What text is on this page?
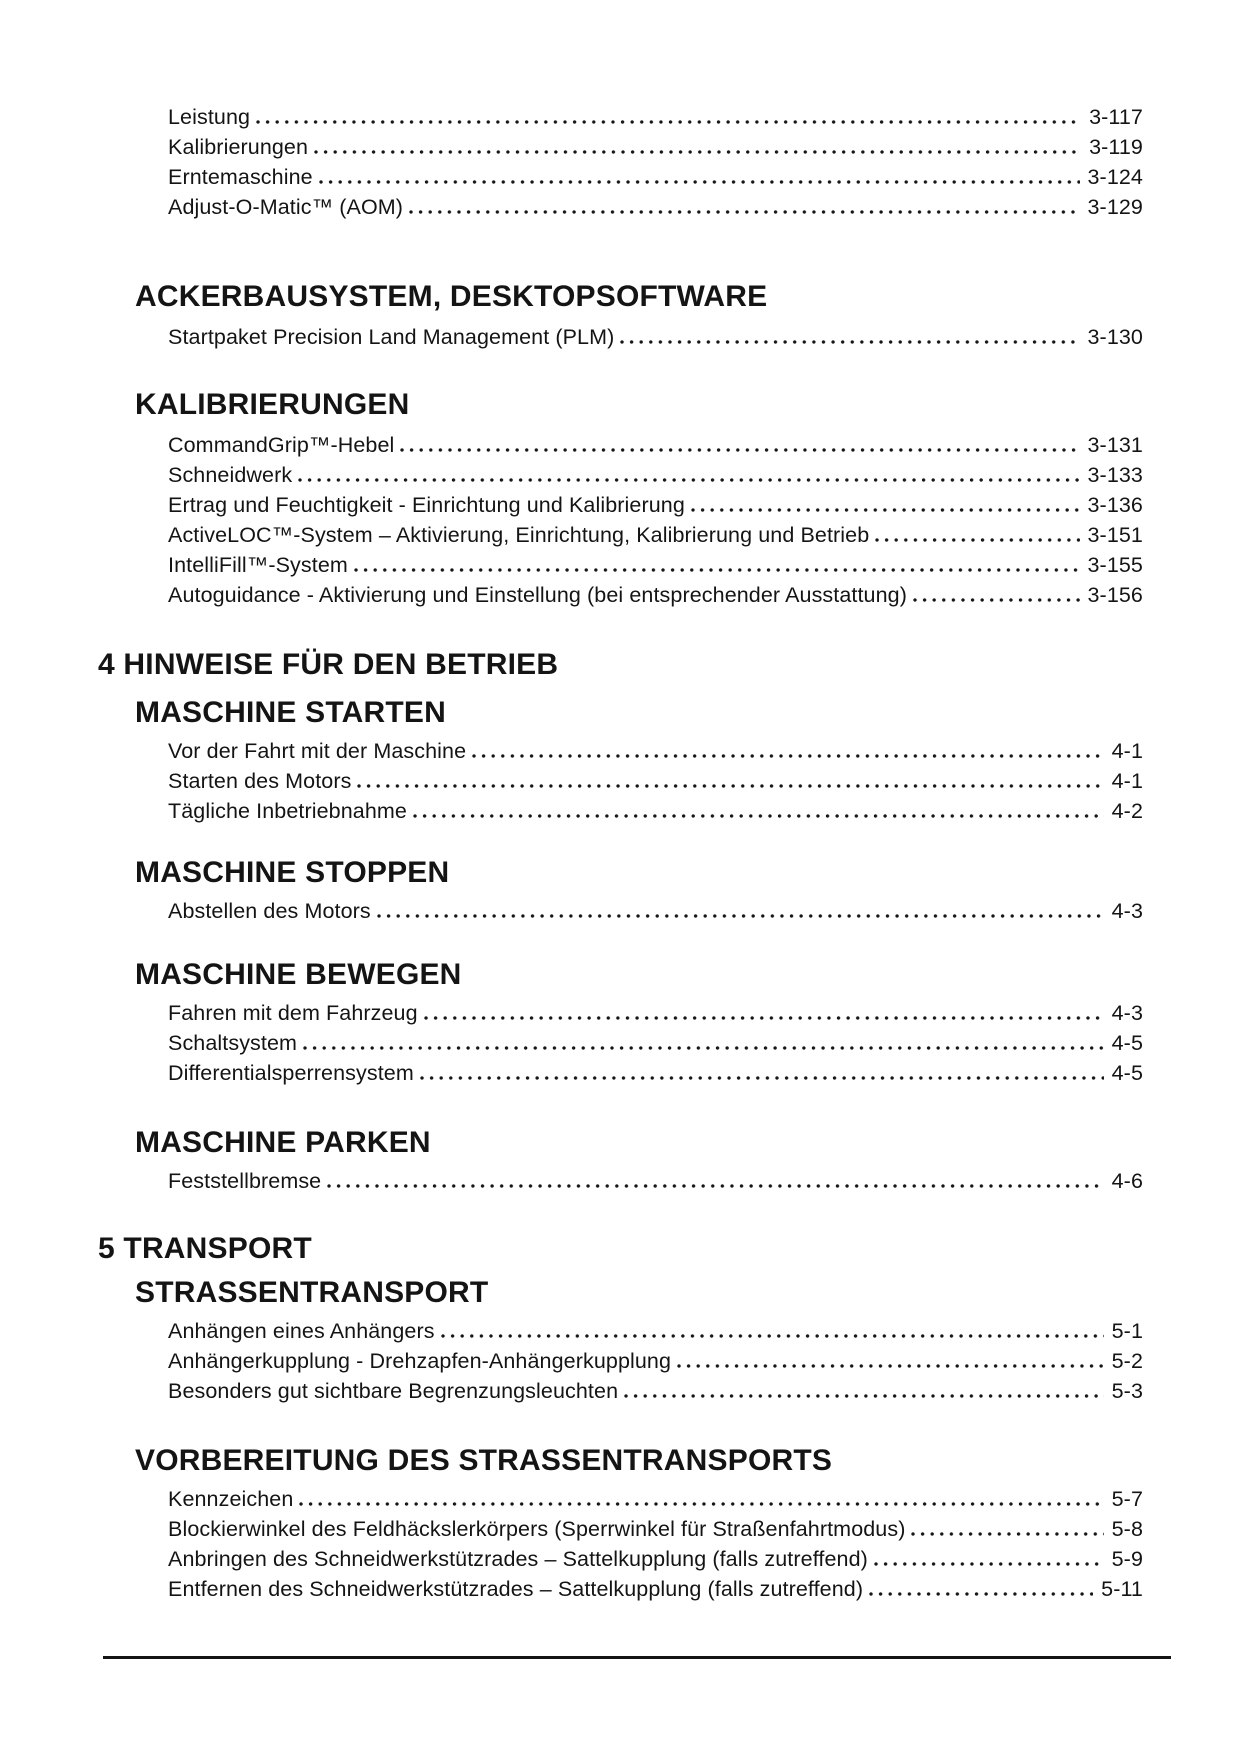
Leistung	3-117
Kalibrierungen	3-119
Erntemaschine	3-124
Adjust-O-Matic™ (AOM)	3-129
ACKERBAUSYSTEM, DESKTOPSOFTWARE
Startpaket Precision Land Management (PLM)	3-130
KALIBRIERUNGEN
CommandGrip™-Hebel	3-131
Schneidwerk	3-133
Ertrag und Feuchtigkeit - Einrichtung und Kalibrierung	3-136
ActiveLOC™-System – Aktivierung, Einrichtung, Kalibrierung und Betrieb	3-151
IntelliFill™-System	3-155
Autoguidance - Aktivierung und Einstellung (bei entsprechender Ausstattung)	3-156
4 HINWEISE FÜR DEN BETRIEB
MASCHINE STARTEN
Vor der Fahrt mit der Maschine	4-1
Starten des Motors	4-1
Tägliche Inbetriebnahme	4-2
MASCHINE STOPPEN
Abstellen des Motors	4-3
MASCHINE BEWEGEN
Fahren mit dem Fahrzeug	4-3
Schaltsystem	4-5
Differentialsperrensystem	4-5
MASCHINE PARKEN
Feststellbremse	4-6
5 TRANSPORT
STRASSENTRANSPORT
Anhängen eines Anhängers	5-1
Anhängerkupplung - Drehzapfen-Anhängerkupplung	5-2
Besonders gut sichtbare Begrenzungsleuchten	5-3
VORBEREITUNG DES STRASSENTRANSPORTS
Kennzeichen	5-7
Blockierwinkel des Feldhäckslerkörpers (Sperrwinkel für Straßenfahrtmodus)	5-8
Anbringen des Schneidwerkstützrades – Sattelkupplung (falls zutreffend)	5-9
Entfernen des Schneidwerkstützrades – Sattelkupplung (falls zutreffend)	5-11
